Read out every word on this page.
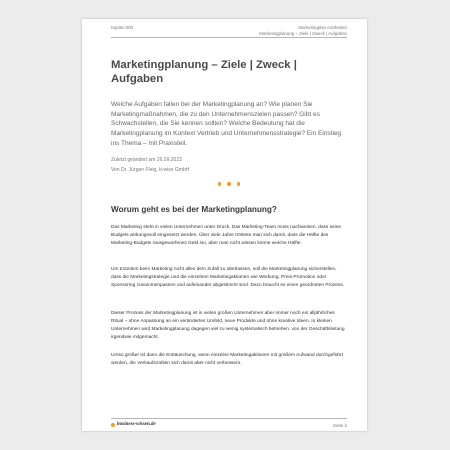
Kapitel 000	Marketingplan erarbeiten
Marketingplanung – Ziele | Zweck | Aufgaben
Marketingplanung – Ziele | Zweck | Aufgaben

Welche Aufgaben fallen bei der Marketingplanung an? Wie planen Sie Marketingmaßnahmen, die zu den Unternehmenszielen passen? Gibt es Schwachstellen, die Sie kennen sollten? Welche Bedeutung hat die Marketingplanung im Kontext Vertrieb und Unternehmensstrategie? Ein Einstieg ins Thema – mit Praxisteil.

Zuletzt geändert am 26.09.2023
Von Dr. Jürgen Fleig, b-wise GmbH
Worum geht es bei der Marketingplanung?

Das Marketing steht in vielen Unternehmen unter Druck. Das Marketing-Team muss nachweisen, dass seine Budgets wirkungsvoll eingesetzt werden. Über viele Jahre tröstete man sich damit, dass die Hälfte des Marketing-Budgets rausgeworfenes Geld sei, aber man nicht wissen könne welche Hälfte.

Um trotzdem beim Marketing nicht alles dem Zufall zu überlassen, soll die Marketingplanung sicherstellen, dass die Marketingstrategie und die einzelnen Marketingaktionen wie Werbung, Preis-Promotion oder Sponsoring zusammenpassen und aufeinander abgestimmt sind. Dazu braucht es einen geordneten Prozess.

Dieser Prozess der Marketingplanung ist in vielen großen Unternehmen aber immer noch ein alljährliches Ritual – ohne Anpassung an ein verändertes Umfeld, neue Produkte und ohne kreative Ideen. In kleinen Unternehmen wird Marketingplanung dagegen viel zu wenig systematisch betrieben, von der Geschäftsleitung irgendwie mitgemacht.

Umso größer ist dann die Enttäuschung, wenn einzelne Marketingaktionen mit großem Aufwand durchgeführt werden, die Verkaufszahlen sich damit aber nicht verbessern.

business-wissen.de	Seite 2
